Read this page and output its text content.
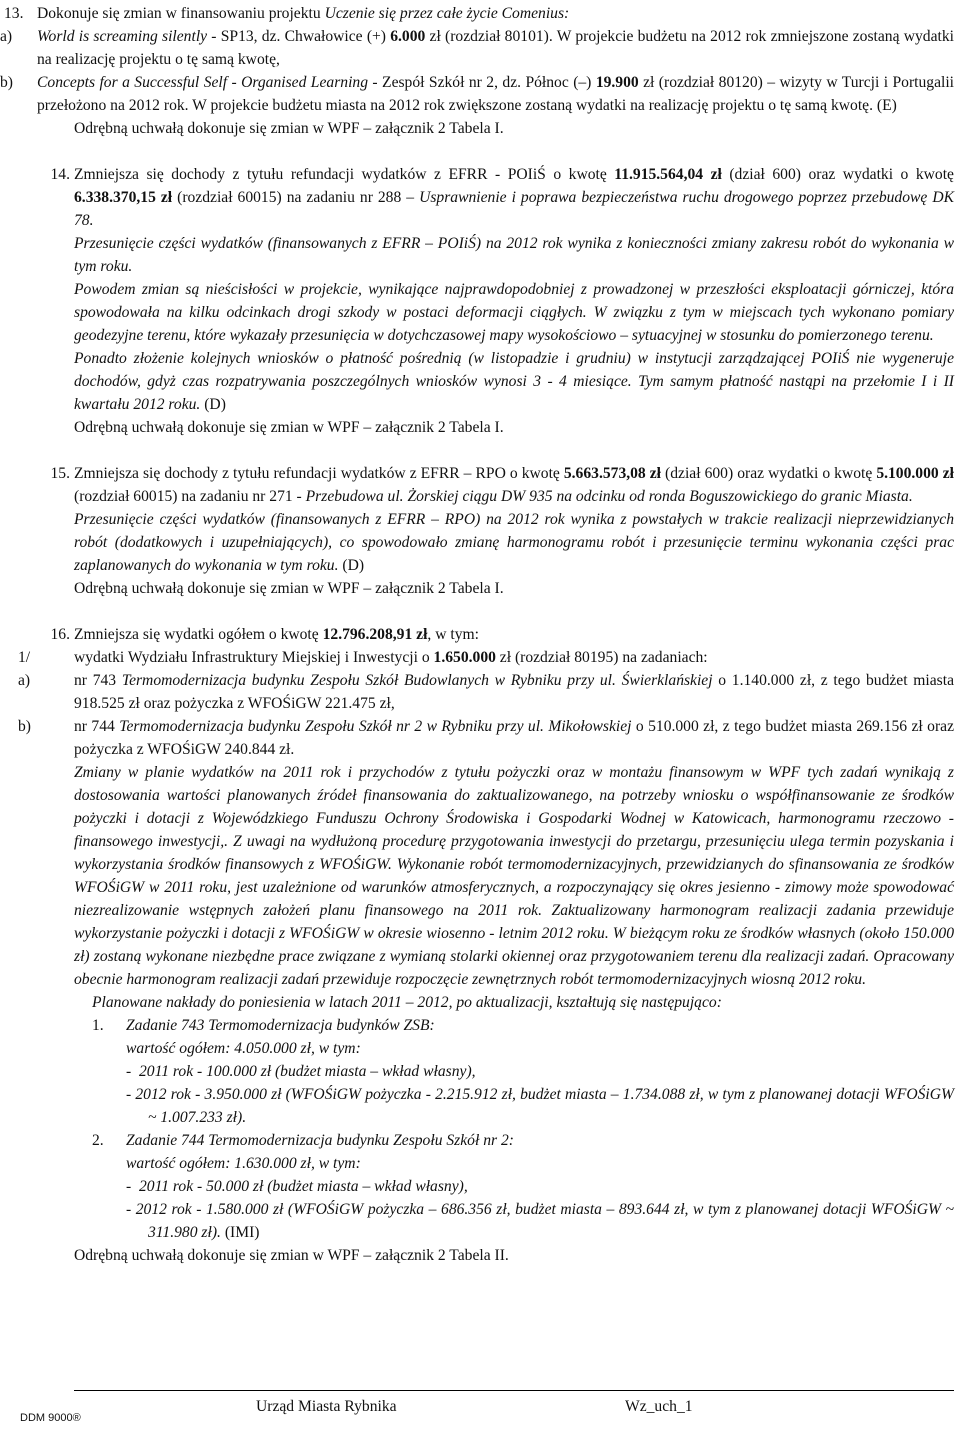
13. Dokonuje się zmian w finansowaniu projektu Uczenie się przez całe życie Comenius:
a)	World is screaming silently - SP13, dz. Chwałowice (+) 6.000 zł (rozdział 80101). W projekcie budżetu na 2012 rok zmniejszone zostaną wydatki na realizację projektu o tę samą kwotę,
b)	Concepts for a Successful Self - Organised Learning - Zespół Szkół nr 2, dz. Północ (–) 19.900 zł (rozdział 80120) – wizyty w Turcji i Portugalii przełożono na 2012 rok. W projekcie budżetu miasta na 2012 rok zwiększone zostaną wydatki na realizację projektu o tę samą kwotę. (E)

Odrębną uchwałą dokonuje się zmian w WPF – załącznik 2 Tabela I.

14. Zmniejsza się dochody z tytułu refundacji wydatków z EFRR - POIiŚ o kwotę 11.915.564,04 zł (dział 600) oraz wydatki o kwotę 6.338.370,15 zł (rozdział 60015) na zadaniu nr 288 – Usprawnienie i poprawa bezpieczeństwa ruchu drogowego poprzez przebudowę DK 78.

Przesunięcie części wydatków (finansowanych z EFRR – POIiŚ) na 2012 rok wynika z konieczności zmiany zakresu robót do wykonania w tym roku.

Powodem zmian są nieścisłości w projekcie, wynikające najprawdopodobniej z prowadzonej w przeszłości eksploatacji górniczej, która spowodowała na kilku odcinkach drogi szkody w postaci deformacji ciągłych. W związku z tym w miejscach tych wykonano pomiary geodezyjne terenu, które wykazały przesunięcia w dotychczasowej mapy wysokościowo – sytuacyjnej w stosunku do pomierzonego terenu.

Ponadto złożenie kolejnych wniosków o płatność pośrednią (w listopadzie i grudniu) w instytucji zarządzającej POIiŚ nie wygeneruje dochodów, gdyż czas rozpatrywania poszczególnych wniosków wynosi 3 - 4 miesiące. Tym samym płatność nastąpi na przełomie I i II kwartału 2012 roku. (D)

Odrębną uchwałą dokonuje się zmian w WPF – załącznik 2 Tabela I.

15. Zmniejsza się dochody z tytułu refundacji wydatków z EFRR – RPO o kwotę 5.663.573,08 zł (dział 600) oraz wydatki o kwotę 5.100.000 zł (rozdział 60015) na zadaniu nr 271 - Przebudowa ul. Żorskiej ciągu DW 935 na odcinku od ronda Boguszowickiego do granic Miasta.

Przesunięcie części wydatków (finansowanych z EFRR – RPO) na 2012 rok wynika z powstałych w trakcie realizacji nieprzewidzianych robót (dodatkowych i uzupełniających), co spowodowało zmianę harmonogramu robót i przesunięcie terminu wykonania części prac zaplanowanych do wykonania w tym roku. (D)

Odrębną uchwałą dokonuje się zmian w WPF – załącznik 2 Tabela I.

16. Zmniejsza się wydatki ogółem o kwotę 12.796.208,91 zł, w tym:
1/	wydatki Wydziału Infrastruktury Miejskiej i Inwestycji o 1.650.000 zł (rozdział 80195) na zadaniach:
a)	nr 743 Termomodernizacja budynku Zespołu Szkół Budowlanych w Rybniku przy ul. Świerklańskiej o 1.140.000 zł, z tego budżet miasta 918.525 zł oraz pożyczka z WFOŚiGW 221.475 zł,
b)	nr 744 Termomodernizacja budynku Zespołu Szkół nr 2 w Rybniku przy ul. Mikołowskiej o 510.000 zł, z tego budżet miasta 269.156 zł oraz pożyczka z WFOŚiGW 240.844 zł.

Zmiany w planie wydatków na 2011 rok i przychodów z tytułu pożyczki oraz w montażu finansowym w WPF tych zadań wynikają z dostosowania wartości planowanych źródeł finansowania do zaktualizowanego, na potrzeby wniosku o współfinansowanie ze środków pożyczki i dotacji z Wojewódzkiego Funduszu Ochrony Środowiska i Gospodarki Wodnej w Katowicach, harmonogramu rzeczowo - finansowego inwestycji,. Z uwagi na wydłużoną procedurę przygotowania inwestycji do przetargu, przesunięciu ulega termin pozyskania i wykorzystania środków finansowych z WFOŚiGW. Wykonanie robót termomodernizacyjnych, przewidzianych do sfinansowania ze środków WFOŚiGW w 2011 roku, jest uzależnione od warunków atmosferycznych, a rozpoczynający się okres jesienno - zimowy może spowodować niezrealizowanie wstępnych założeń planu finansowego na 2011 rok. Zaktualizowany harmonogram realizacji zadania przewiduje wykorzystanie pożyczki i dotacji z WFOŚiGW w okresie wiosenno - letnim 2012 roku. W bieżącym roku ze środków własnych (około 150.000 zł) zostaną wykonane niezbędne prace związane z wymianą stolarki okiennej oraz przygotowaniem terenu dla realizacji zadań. Opracowany obecnie harmonogram realizacji zadań przewiduje rozpoczęcie zewnętrznych robót termomodernizacyjnych wiosną 2012 roku.

Planowane nakłady do poniesienia w latach 2011 – 2012, po aktualizacji, kształtują się następująco:

1.	Zadanie 743 Termomodernizacja budynków ZSB:

wartość ogółem: 4.050.000 zł, w tym:

-  2011 rok - 100.000 zł (budżet miasta – wkład własny),

- 2012 rok - 3.950.000 zł (WFOŚiGW pożyczka - 2.215.912 zł, budżet miasta – 1.734.088 zł, w tym z planowanej dotacji WFOŚiGW ~ 1.007.233 zł).

2.	Zadanie 744 Termomodernizacja budynku Zespołu Szkół nr 2:

wartość ogółem: 1.630.000 zł, w tym:

-  2011 rok - 50.000 zł (budżet miasta – wkład własny),

- 2012 rok - 1.580.000 zł (WFOŚiGW pożyczka – 686.356 zł, budżet miasta – 893.644 zł, w tym z planowanej dotacji WFOŚiGW ~ 311.980 zł). (IMI)

Odrębną uchwałą dokonuje się zmian w WPF – załącznik 2 Tabela II.

Urząd Miasta Rybnika	Wz_uch_1
DDM 9000®
